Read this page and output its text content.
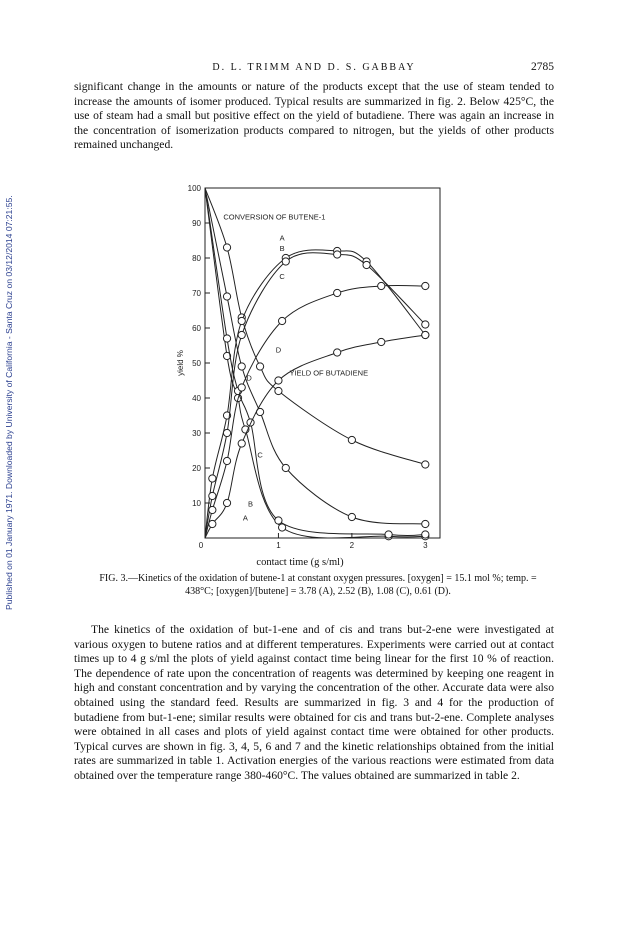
Published on 01 January 1971. Downloaded by University of California - Santa Cruz on 03/12/2014 07:21:55.
D. L. TRIMM AND D. S. GABBAY	2785

significant change in the amounts or nature of the products except that the use of steam tended to increase the amounts of isomer produced. Typical results are summarized in fig. 2. Below 425°C, the use of steam had a small but positive effect on the yield of butadiene. There was again an increase in the concentration of isomerization products compared to nitrogen, but the yields of other products remained unchanged.

10
20
30
40
50
60
70
80
90
100
0	1	2	3
yield %
A
B
C
D
A
B
C
D
CONVERSION OF BUTENE-1
YIELD OF BUTADIENE
contact time (g s/ml)

FIG. 3.—Kinetics of the oxidation of butene-1 at constant oxygen pressures. [oxygen] = 15.1 mol %; temp. = 438°C; [oxygen]/[butene] = 3.78 (A), 2.52 (B), 1.08 (C), 0.61 (D).

The kinetics of the oxidation of but-1-ene and of cis and trans but-2-ene were investigated at various oxygen to butene ratios and at different temperatures. Experiments were carried out at contact times up to 4 g s/ml the plots of yield against contact time being linear for the first 10 % of reaction. The dependence of rate upon the concentration of reagents was determined by keeping one reagent in high and constant concentration and by varying the concentration of the other. Accurate data were also obtained using the standard feed. Results are summarized in fig. 3 and 4 for the production of butadiene from but-1-ene; similar results were obtained for cis and trans but-2-ene. Complete analyses were obtained in all cases and plots of yield against contact time were obtained for other products. Typical curves are shown in fig. 3, 4, 5, 6 and 7 and the kinetic relationships obtained from the initial rates are summarized in table 1. Activation energies of the various reactions were estimated from data obtained over the temperature range 380-460°C. The values obtained are summarized in table 2.
